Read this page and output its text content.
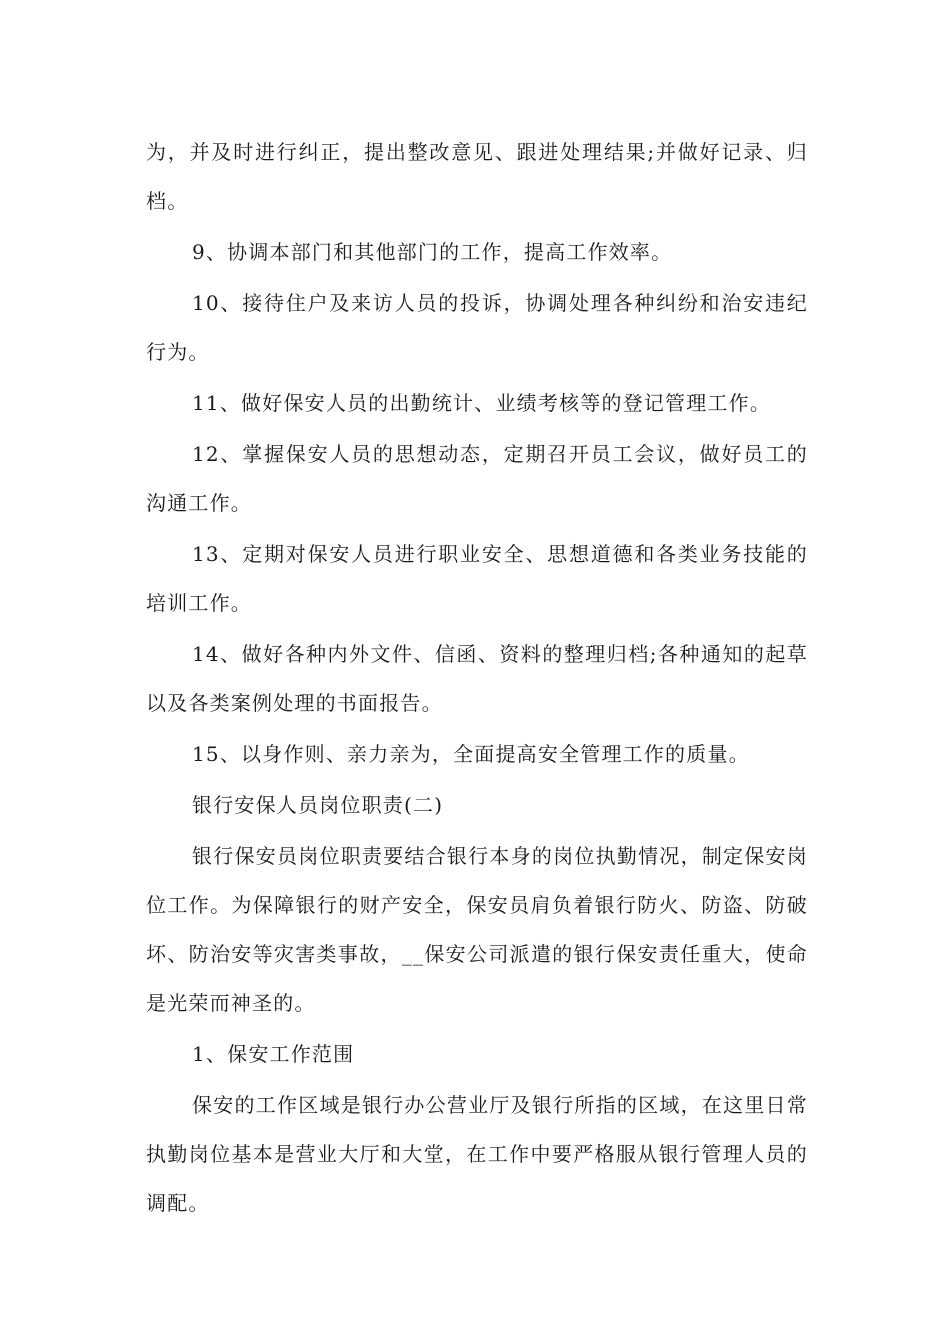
为，并及时进行纠正，提出整改意见、跟进处理结果;并做好记录、归档。

9、协调本部门和其他部门的工作，提高工作效率。

10、接待住户及来访人员的投诉，协调处理各种纠纷和治安违纪行为。

11、做好保安人员的出勤统计、业绩考核等的登记管理工作。

12、掌握保安人员的思想动态，定期召开员工会议，做好员工的沟通工作。

13、定期对保安人员进行职业安全、思想道德和各类业务技能的培训工作。

14、做好各种内外文件、信函、资料的整理归档;各种通知的起草以及各类案例处理的书面报告。

15、以身作则、亲力亲为，全面提高安全管理工作的质量。

银行安保人员岗位职责(二)

银行保安员岗位职责要结合银行本身的岗位执勤情况，制定保安岗位工作。为保障银行的财产安全，保安员肩负着银行防火、防盗、防破坏、防治安等灾害类事故，__保安公司派遣的银行保安责任重大，使命是光荣而神圣的。

1、保安工作范围

保安的工作区域是银行办公营业厅及银行所指的区域，在这里日常执勤岗位基本是营业大厅和大堂，在工作中要严格服从银行管理人员的调配。
